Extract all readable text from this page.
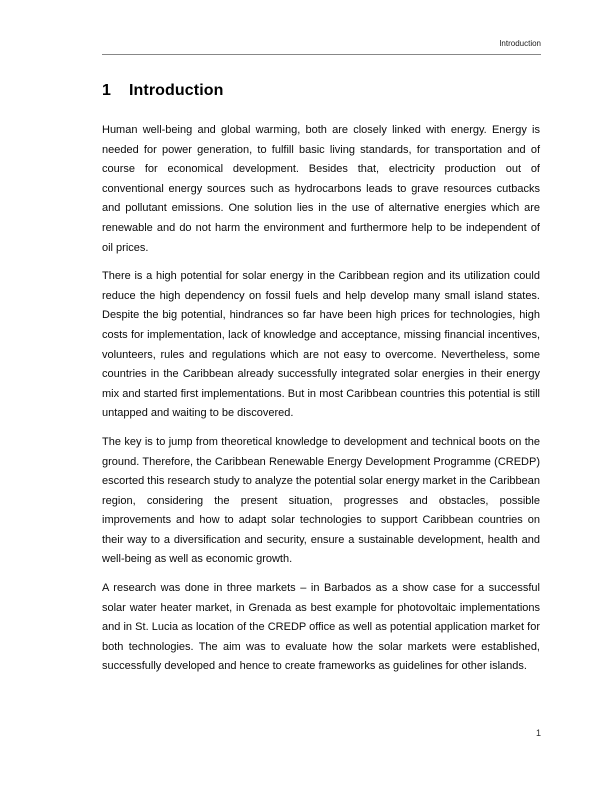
Introduction
1	Introduction

Human well-being and global warming, both are closely linked with energy. Energy is needed for power generation, to fulfill basic living standards, for transportation and of course for economical development. Besides that, electricity production out of conventional energy sources such as hydrocarbons leads to grave resources cutbacks and pollutant emissions. One solution lies in the use of alternative energies which are renewable and do not harm the environment and furthermore help to be independent of oil prices.

There is a high potential for solar energy in the Caribbean region and its utilization could reduce the high dependency on fossil fuels and help develop many small island states. Despite the big potential, hindrances so far have been high prices for technologies, high costs for implementation, lack of knowledge and acceptance, missing financial incentives, volunteers, rules and regulations which are not easy to overcome. Nevertheless, some countries in the Caribbean already successfully integrated solar energies in their energy mix and started first implementations. But in most Caribbean countries this potential is still untapped and waiting to be discovered.

The key is to jump from theoretical knowledge to development and technical boots on the ground. Therefore, the Caribbean Renewable Energy Development Programme (CREDP) escorted this research study to analyze the potential solar energy market in the Caribbean region, considering the present situation, progresses and obstacles, possible improvements and how to adapt solar technologies to support Caribbean countries on their way to a diversification and security, ensure a sustainable development, health and well-being as well as economic growth.

A research was done in three markets – in Barbados as a show case for a successful solar water heater market, in Grenada as best example for photovoltaic implementations and in St. Lucia as location of the CREDP office as well as potential application market for both technologies. The aim was to evaluate how the solar markets were established, successfully developed and hence to create frameworks as guidelines for other islands.

1
